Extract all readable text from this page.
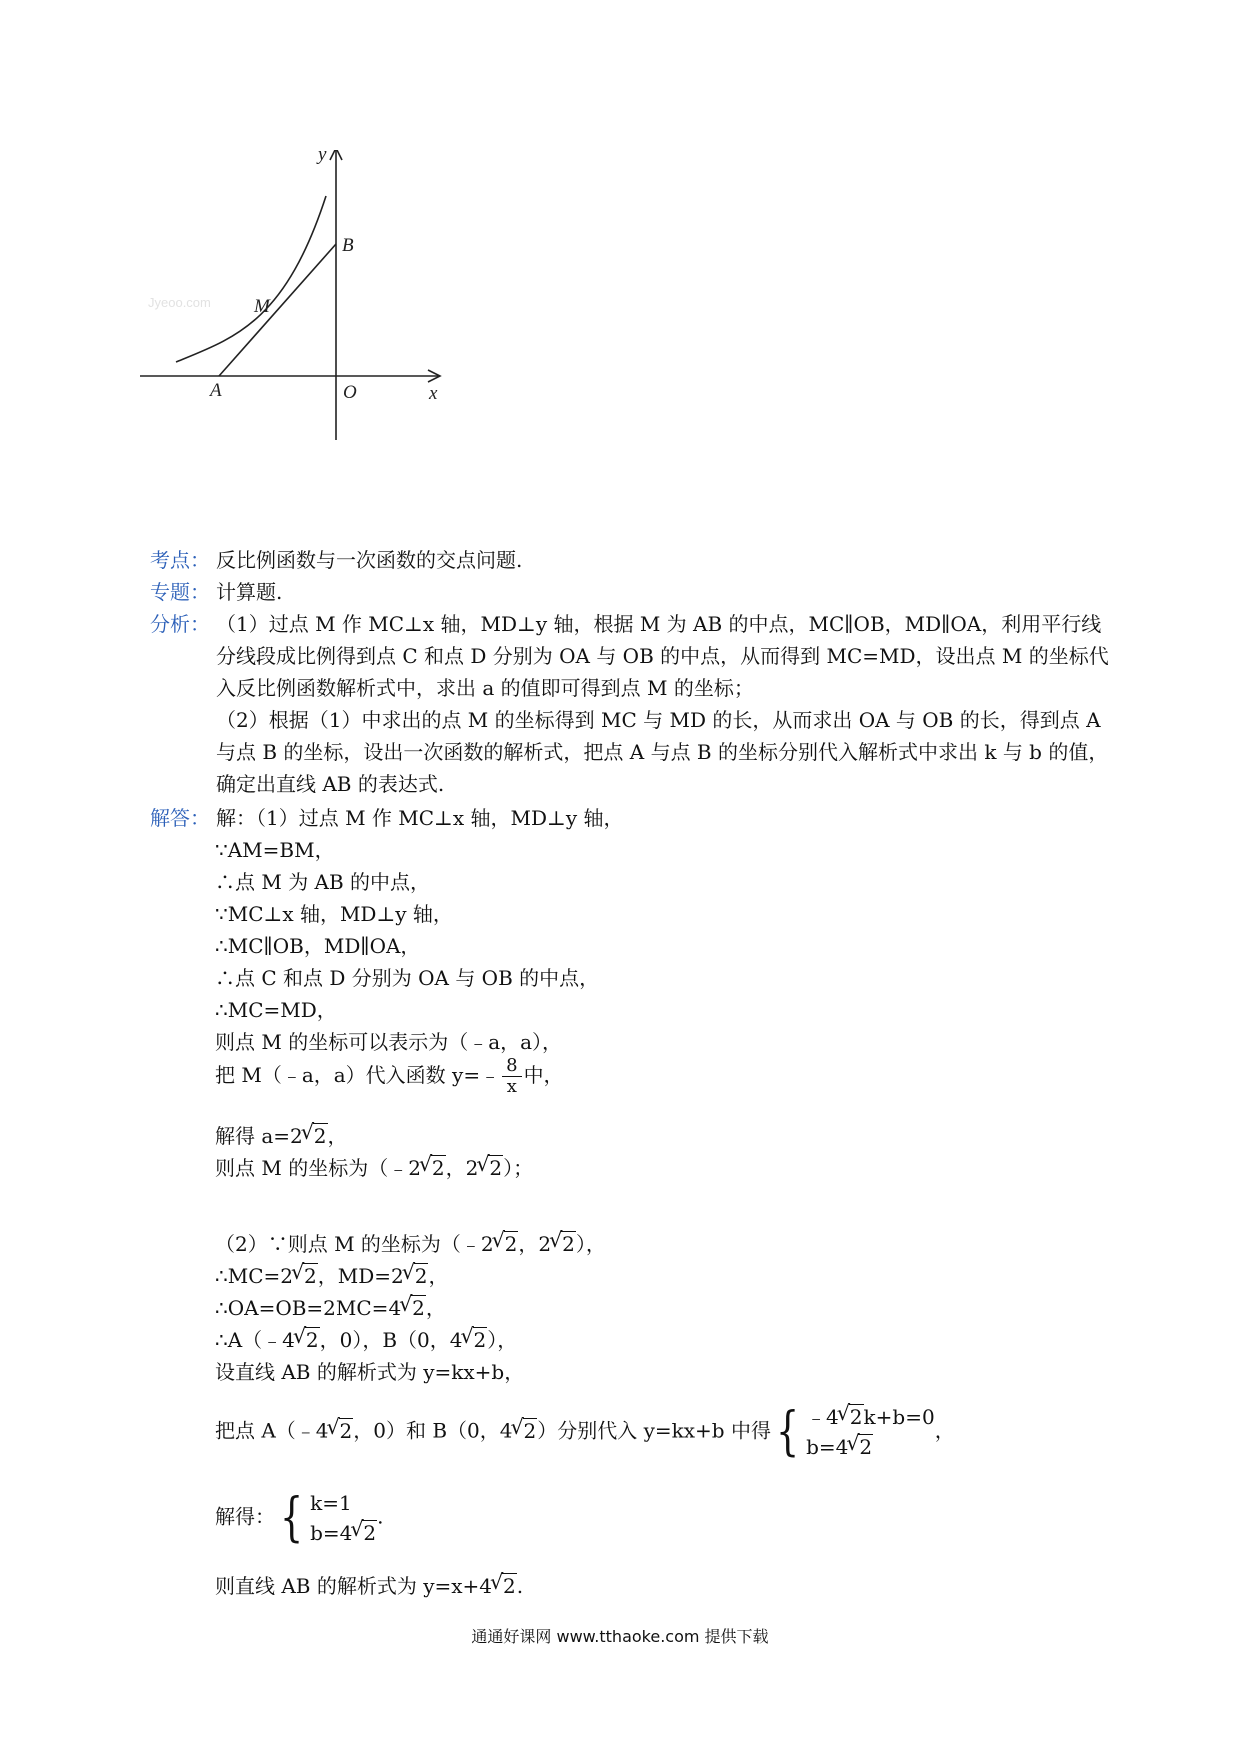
Jyeoo.com
y
B
M
A	O	x
考点： 反比例函数与一次函数的交点问题.
专题： 计算题.
分析： （1）过点 M 作 MC⊥x 轴，MD⊥y 轴，根据 M 为 AB 的中点，MC∥OB，MD∥OA，利用平行线分线段成比例得到点 C 和点 D 分别为 OA 与 OB 的中点，从而得到 MC=MD，设出点 M 的坐标代入反比例函数解析式中，求出 a 的值即可得到点 M 的坐标；
（2）根据（1）中求出的点 M 的坐标得到 MC 与 MD 的长，从而求出 OA 与 OB 的长，得到点 A 与点 B 的坐标，设出一次函数的解析式，把点 A 与点 B 的坐标分别代入解析式中求出 k 与 b 的值，确定出直线 AB 的表达式.
解答： 解：（1）过点 M 作 MC⊥x 轴，MD⊥y 轴，
∵AM=BM，
∴点 M 为 AB 的中点，
∵MC⊥x 轴，MD⊥y 轴，
∴MC∥OB，MD∥OA，
∴点 C 和点 D 分别为 OA 与 OB 的中点，
∴MC=MD，
则点 M 的坐标可以表示为（﹣a，a），
把 M（﹣a，a）代入函数 y=﹣ $\frac{8}{x}$ 中，
解得 a=2 √ 2，
则点 M 的坐标为（﹣2 √ 2，2 √ 2）；
（2）∵则点 M 的坐标为（﹣2 √ 2，2 √ 2），
∴MC=2 √ 2，MD=2 √ 2，
∴OA=OB=2MC=4 √ 2，
∴A（﹣4 √ 2，0），B（0，4 √ 2），
设直线 AB 的解析式为 y=kx+b，
把点 A（﹣4 √ 2，0）和 B（0，4 √ 2）分别代入 y=kx+b 中得 { ﹣4 √ 2k+b=0
b=4 √ 2
，
解得： { k=1
b=4 √ 2
.
则直线 AB 的解析式为 y=x+4 √ 2.
通通好课网 www.tthaoke.com 提供下载
